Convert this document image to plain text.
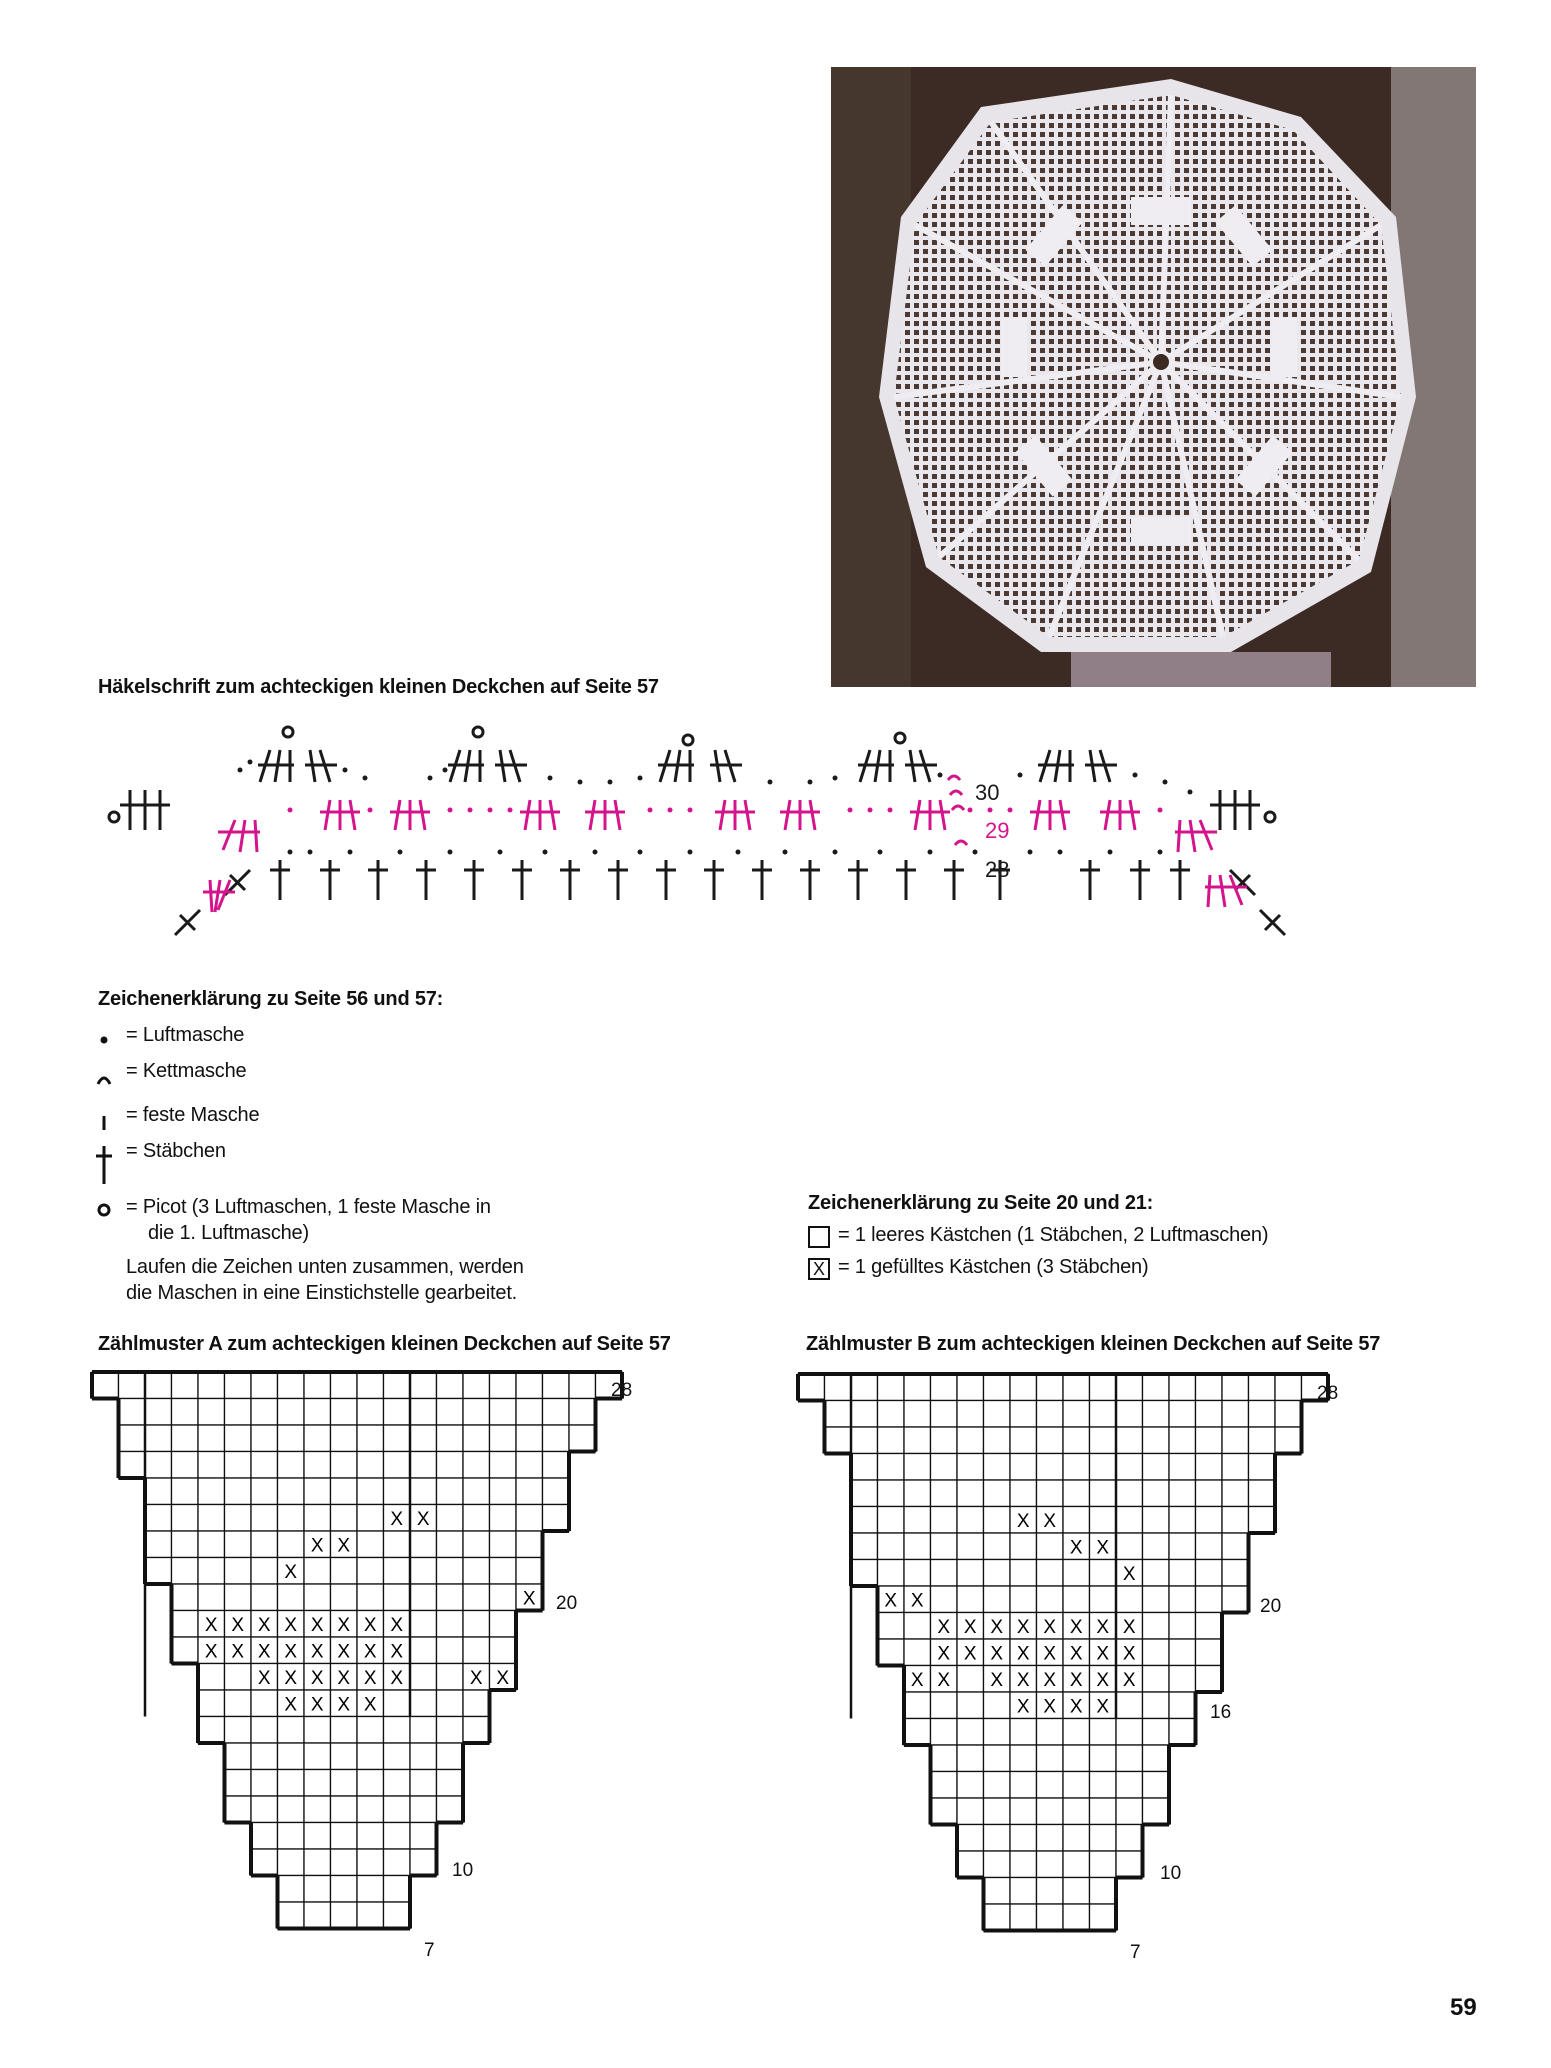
Häkelschrift zum achteckigen kleinen Deckchen auf Seite 57
30
29
28
Zeichenerklärung zu Seite 56 und 57:
= Luftmasche
= Kettmasche
= feste Masche
= Stäbchen
= Picot (3 Luftmaschen, 1 feste Masche in
die 1. Luftmasche)
Laufen die Zeichen unten zusammen, werden
die Maschen in eine Einstichstelle gearbeitet.
Zeichenerklärung zu Seite 20 und 21:
= 1 leeres Kästchen (1 Stäbchen, 2 Luftmaschen)
X = 1 gefülltes Kästchen (3 Stäbchen)
Zählmuster A zum achteckigen kleinen Deckchen auf Seite 57
X X
X X
X
X
X X X X X X X X
X X X X X X X X
X X X X X X	X X
X X X X
28
20
10
7
Zählmuster B zum achteckigen kleinen Deckchen auf Seite 57
X X
X X
X
X X
X X X X X X X X
X X X X X X X X
X X X X X X X X
X X X X
28
20
16
10
7
59
